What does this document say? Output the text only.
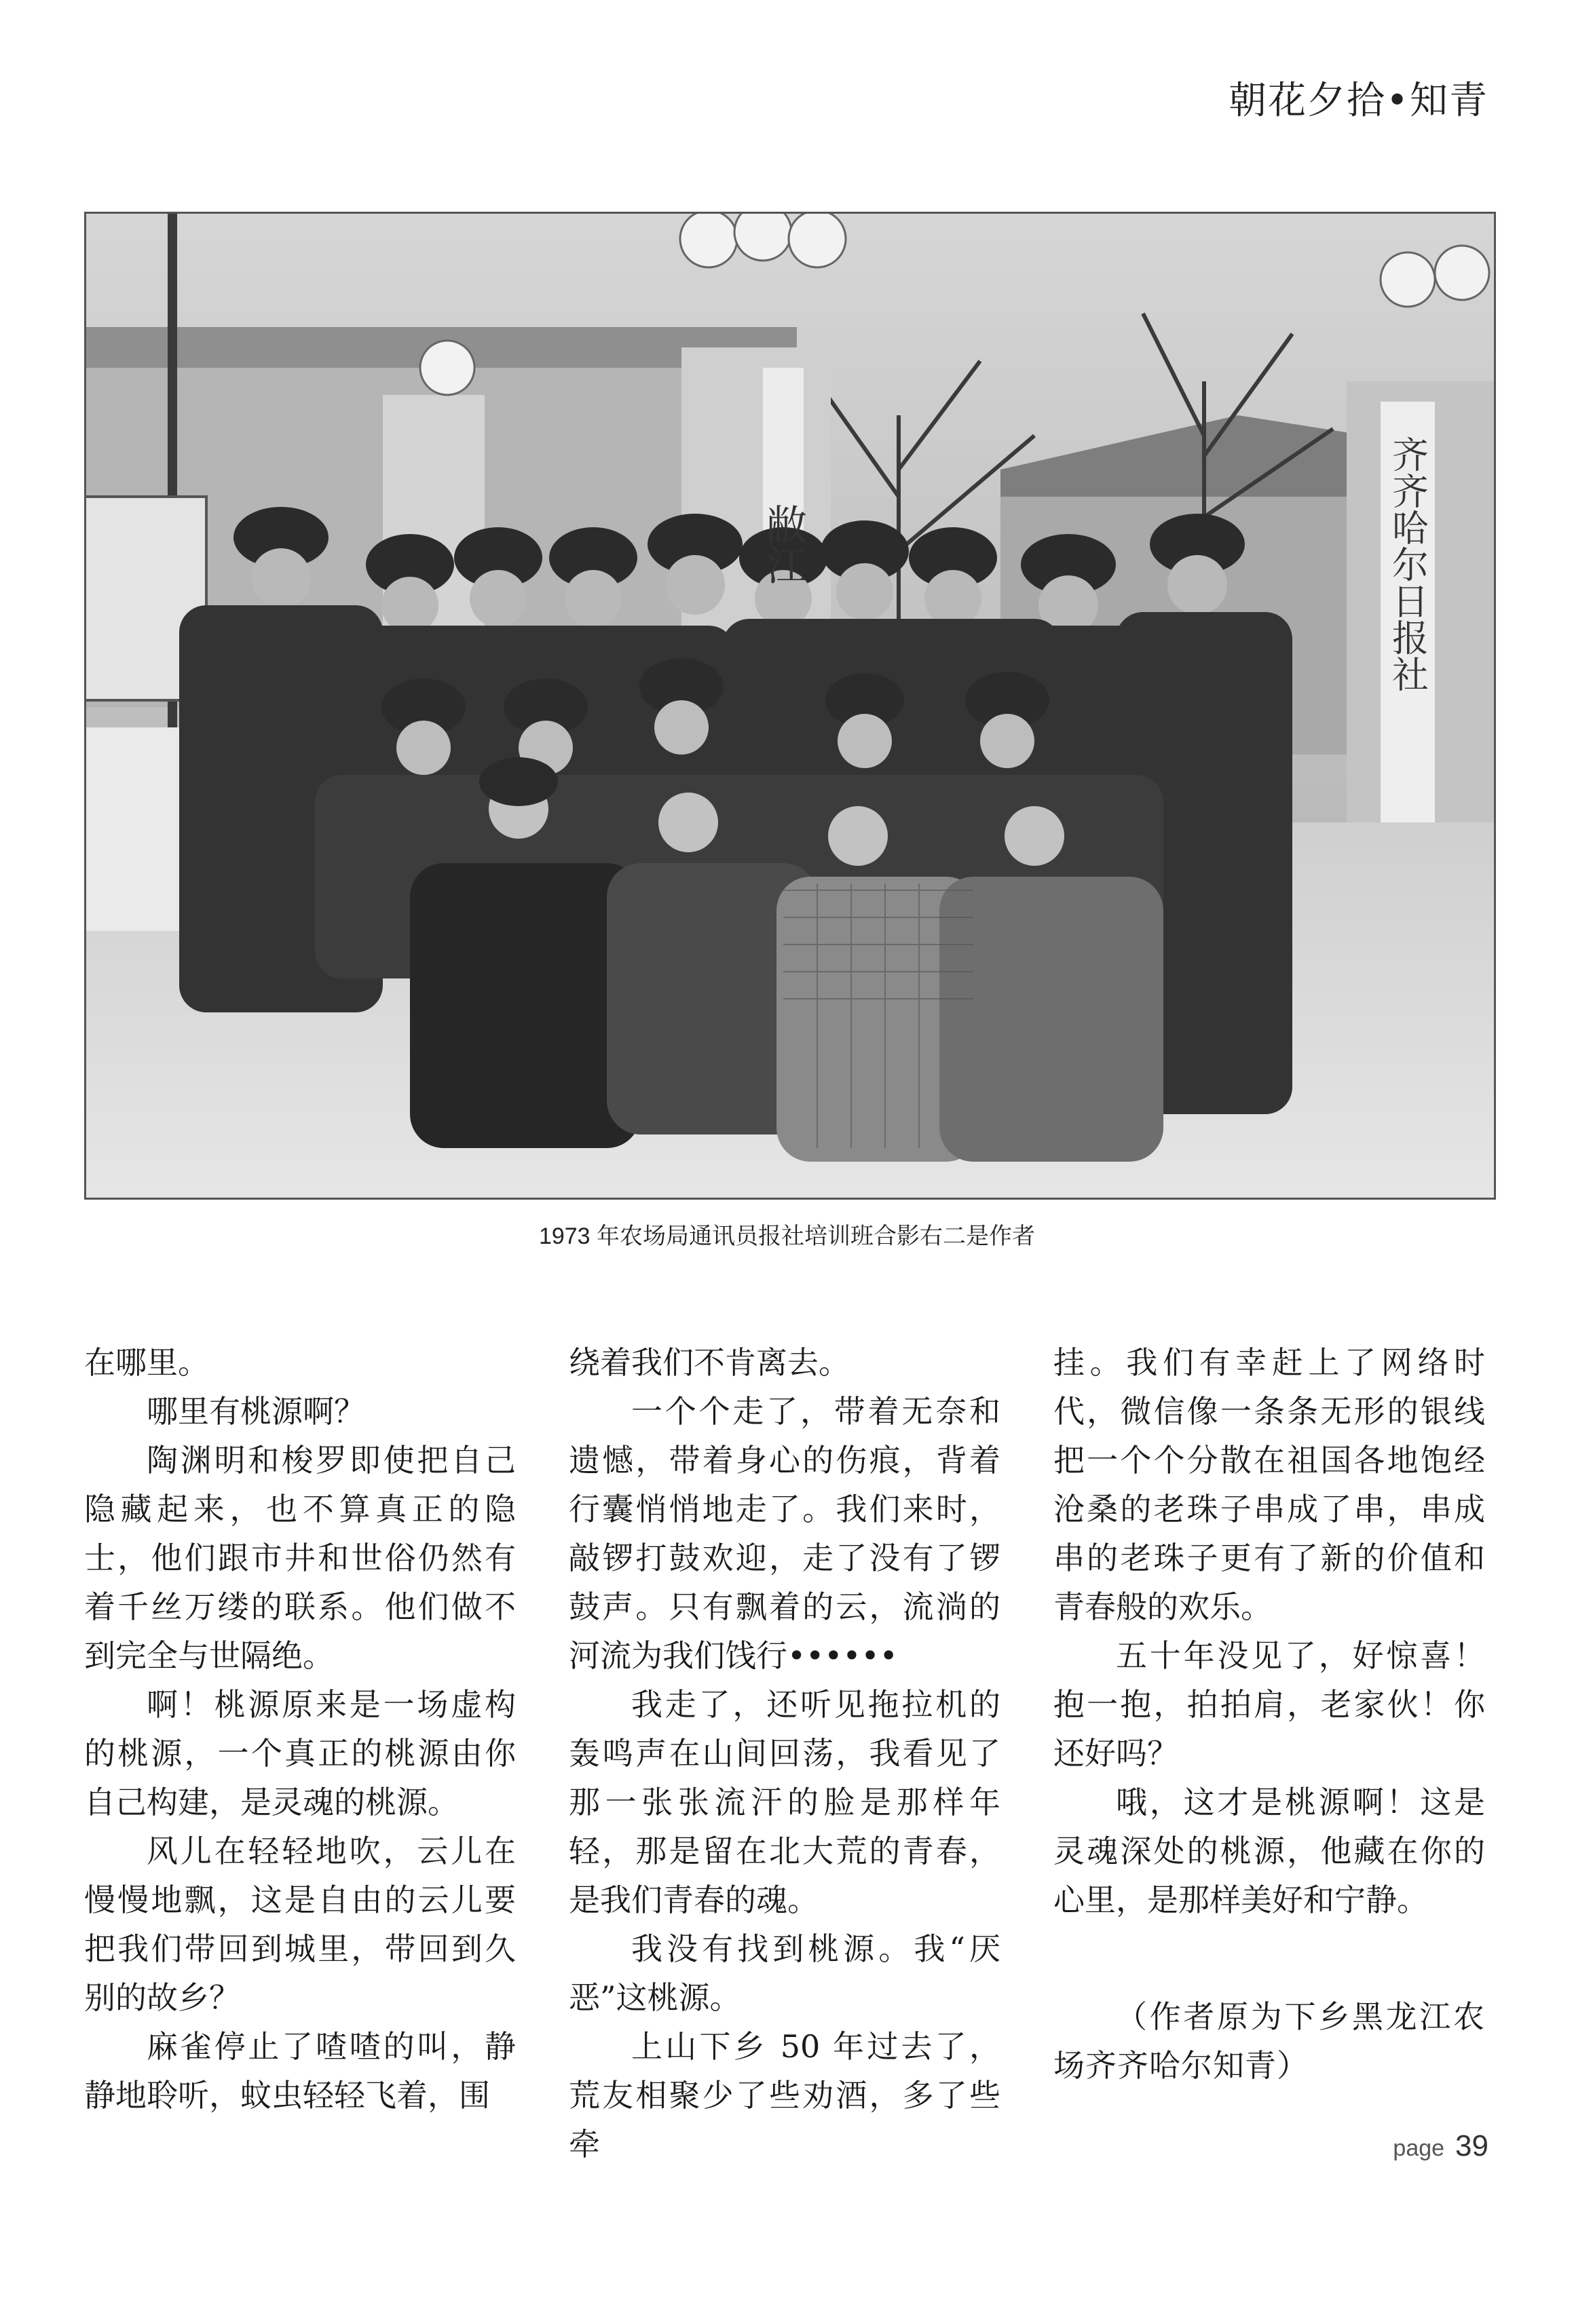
朝花夕拾•知青
敝江	齐齐哈尔日报社
1973 年农场局通讯员报社培训班合影右二是作者

在哪里。

哪里有桃源啊？

陶渊明和梭罗即使把自己隐藏起来，也不算真正的隐士，他们跟市井和世俗仍然有着千丝万缕的联系。他们做不到完全与世隔绝。

啊！桃源原来是一场虚构的桃源，一个真正的桃源由你自己构建，是灵魂的桃源。

风儿在轻轻地吹，云儿在慢慢地飘，这是自由的云儿要把我们带回到城里，带回到久别的故乡？

麻雀停止了喳喳的叫，静静地聆听，蚊虫轻轻飞着，围

绕着我们不肯离去。

一个个走了，带着无奈和遗憾，带着身心的伤痕，背着行囊悄悄地走了。我们来时，敲锣打鼓欢迎，走了没有了锣鼓声。只有飘着的云，流淌的河流为我们饯行••••••

我走了，还听见拖拉机的轰鸣声在山间回荡，我看见了那一张张流汗的脸是那样年轻，那是留在北大荒的青春，是我们青春的魂。

我没有找到桃源。我“厌恶”这桃源。

上山下乡 50 年过去了，荒友相聚少了些劝酒，多了些牵

挂。我们有幸赶上了网络时代，微信像一条条无形的银线把一个个分散在祖国各地饱经沧桑的老珠子串成了串，串成串的老珠子更有了新的价值和青春般的欢乐。

五十年没见了，好惊喜！抱一抱，拍拍肩，老家伙！你还好吗？

哦，这才是桃源啊！这是灵魂深处的桃源，他藏在你的心里，是那样美好和宁静。

（作者原为下乡黑龙江农场齐齐哈尔知青）

page 39
